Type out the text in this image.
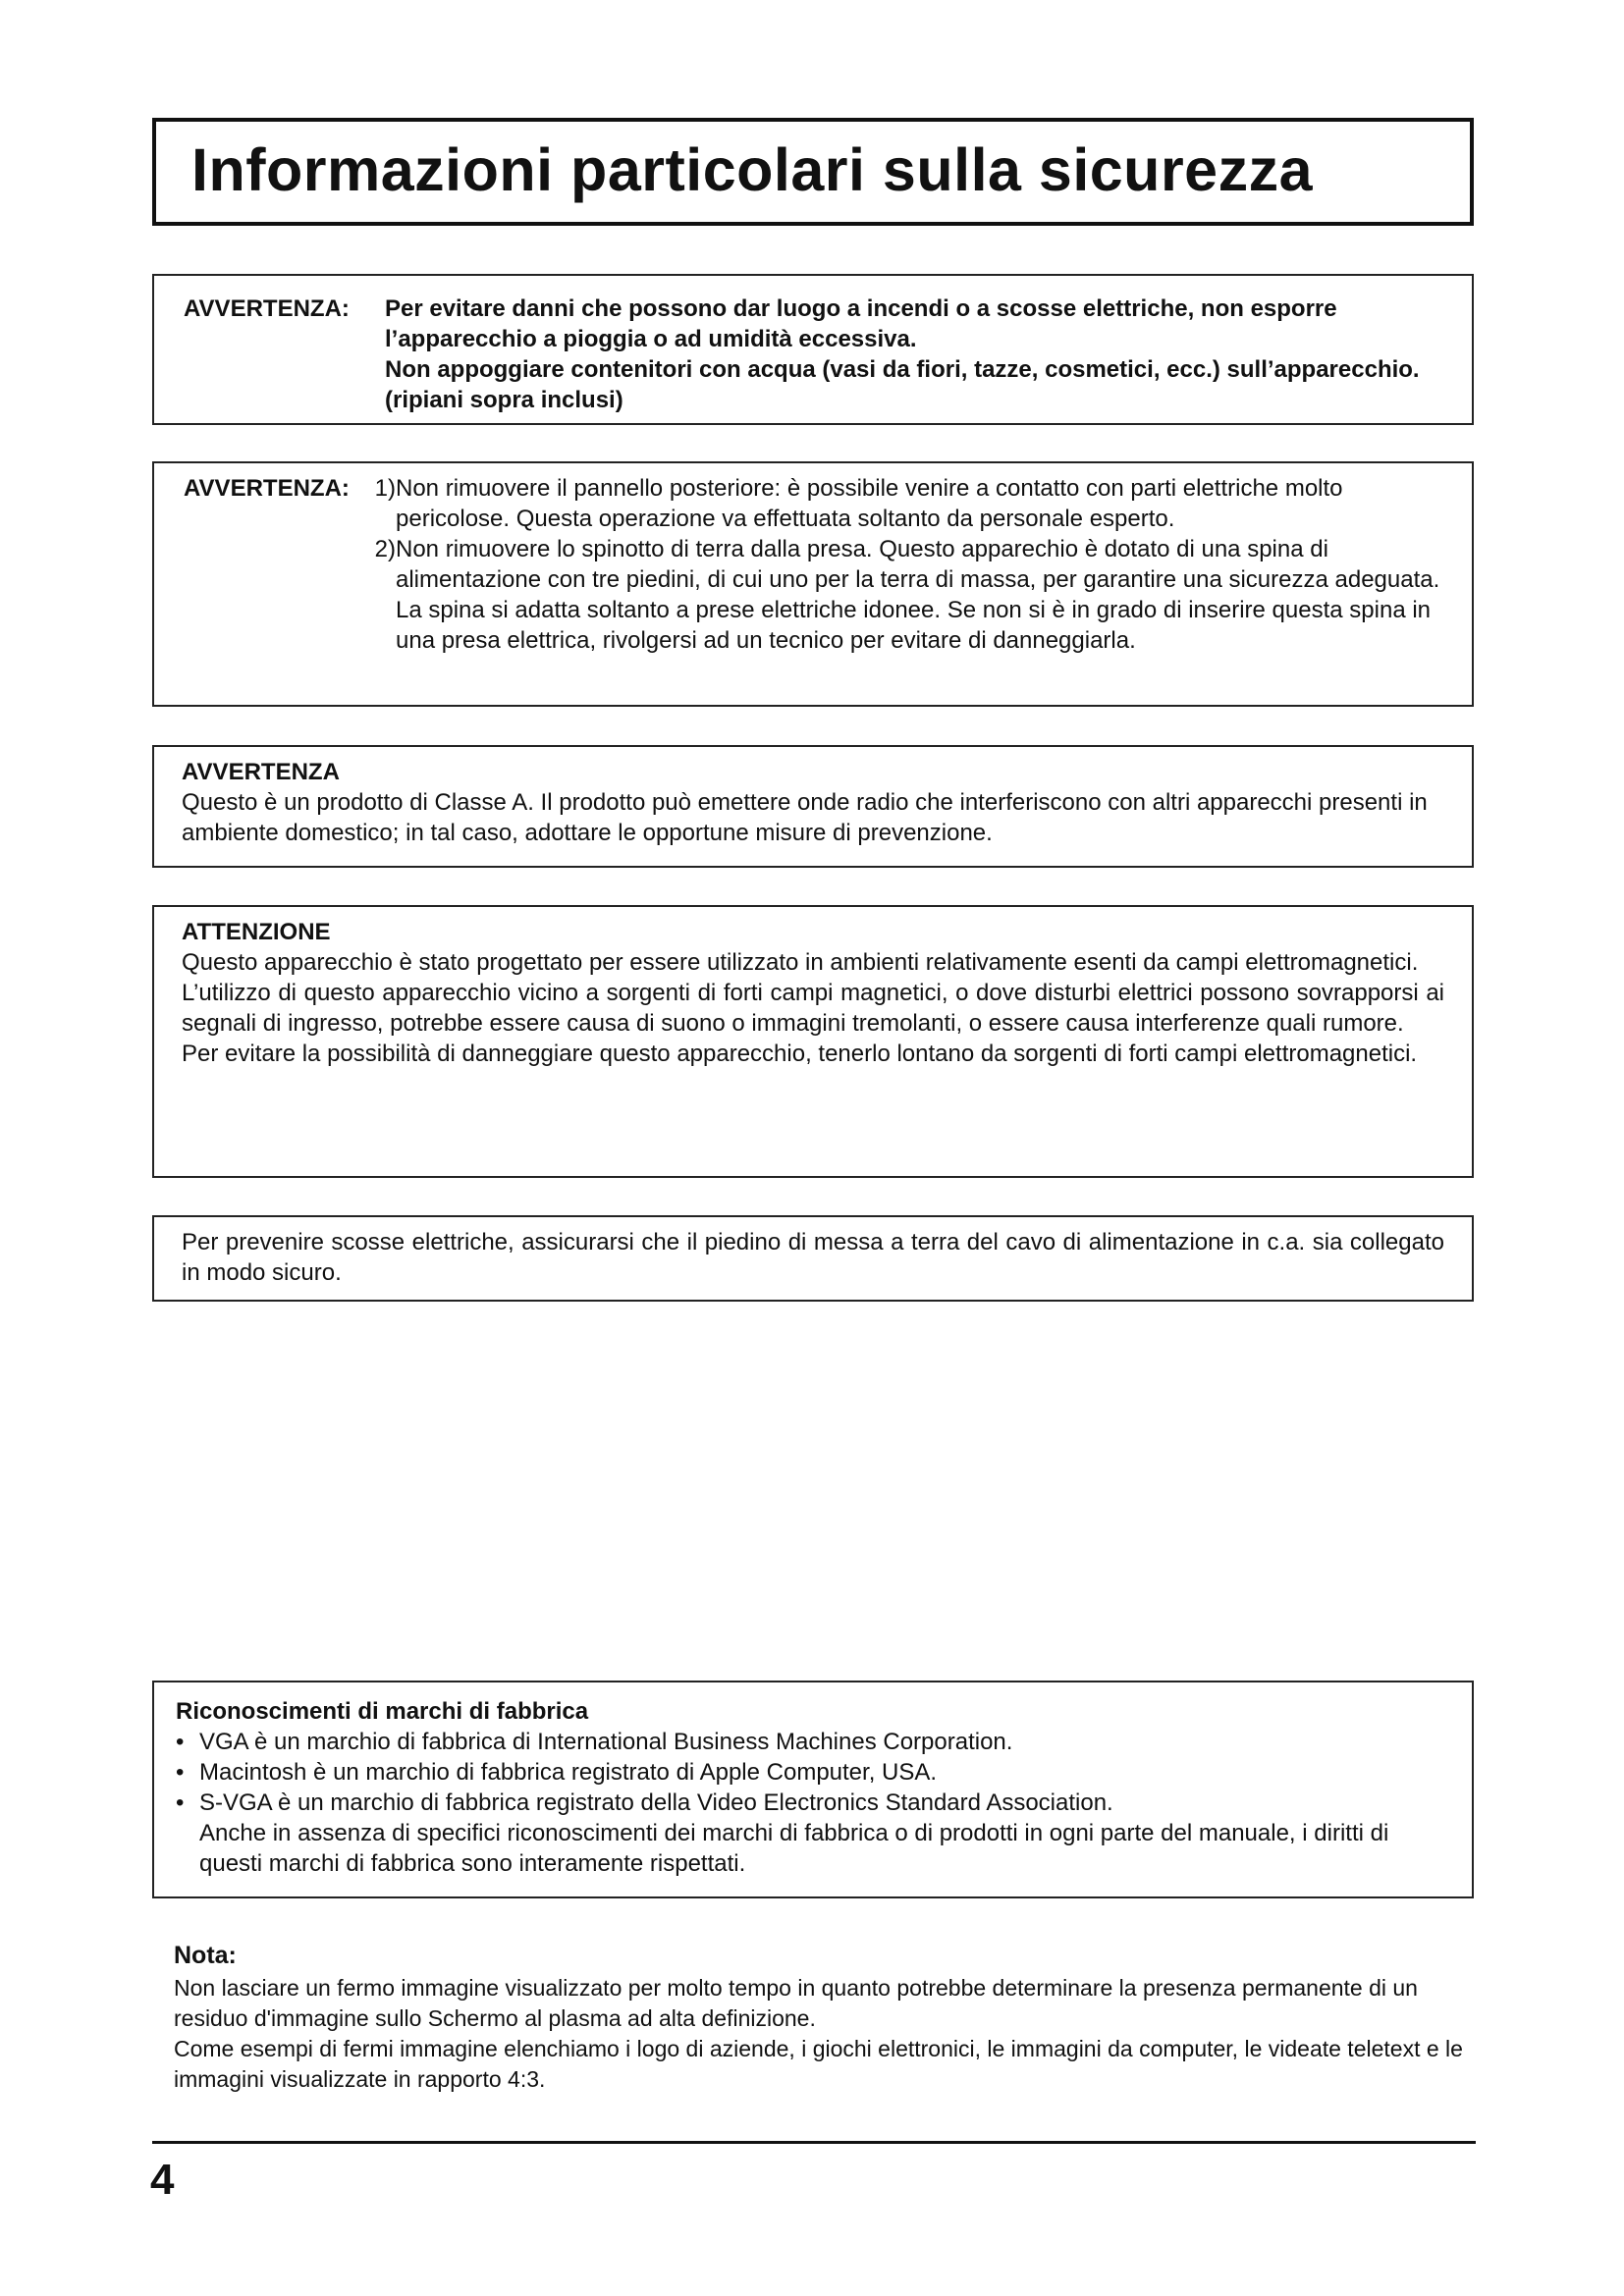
Informazioni particolari sulla sicurezza
AVVERTENZA:	Per evitare danni che possono dar luogo a incendi o a scosse elettriche, non esporre l’apparecchio a pioggia o ad umidità eccessiva.

Non appoggiare contenitori con acqua (vasi da fiori, tazze, cosmetici, ecc.) sull’apparecchio. (ripiani sopra inclusi)

AVVERTENZA:	1) Non rimuovere il pannello posteriore: è possibile venire a contatto con parti elettriche molto pericolose. Questa operazione va effettuata soltanto da personale esperto.
2) Non rimuovere lo spinotto di terra dalla presa. Questo apparechio è dotato di una spina di alimentazione con tre piedini, di cui uno per la terra di massa, per garantire una sicurezza adeguata. La spina si adatta soltanto a prese elettriche idonee. Se non si è in grado di inserire questa spina in una presa elettrica, rivolgersi ad un tecnico per evitare di danneggiarla.

AVVERTENZA

Questo è un prodotto di Classe A. Il prodotto può emettere onde radio che interferiscono con altri apparecchi presenti in ambiente domestico; in tal caso, adottare le opportune misure di prevenzione.

ATTENZIONE

Questo apparecchio è stato progettato per essere utilizzato in ambienti relativamente esenti da campi elettromagnetici.

L’utilizzo di questo apparecchio vicino a sorgenti di forti campi magnetici, o dove disturbi elettrici possono sovrapporsi ai segnali di ingresso, potrebbe essere causa di suono o immagini tremolanti, o essere causa interferenze quali rumore.

Per evitare la possibilità di danneggiare questo apparecchio, tenerlo lontano da sorgenti di forti campi elettromagnetici.

Per prevenire scosse elettriche, assicurarsi che il piedino di messa a terra del cavo di alimentazione in c.a. sia collegato in modo sicuro.

Riconoscimenti di marchi di fabbrica

• VGA è un marchio di fabbrica di International Business Machines Corporation.
• Macintosh è un marchio di fabbrica registrato di Apple Computer, USA.
• S-VGA è un marchio di fabbrica registrato della Video Electronics Standard Association.

Anche in assenza di specifici riconoscimenti dei marchi di fabbrica o di prodotti in ogni parte del manuale, i diritti di questi marchi di fabbrica sono interamente rispettati.

Nota:

Non lasciare un fermo immagine visualizzato per molto tempo in quanto potrebbe determinare la presenza permanente di un residuo d'immagine sullo Schermo al plasma ad alta definizione.

Come esempi di fermi immagine elenchiamo i logo di aziende, i giochi elettronici, le immagini da computer, le videate teletext e le immagini visualizzate in rapporto 4:3.

4
